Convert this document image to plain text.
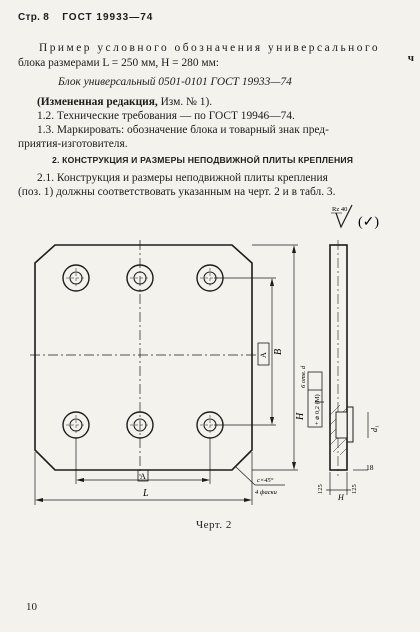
Стр. 8 ГОСТ 19933—74
ч
Пример условного обозначения универсального
блока размерами L = 250 мм, H = 280 мм:
Блок универсальный 0501-0101 ГОСТ 19933—74
(Измененная редакция, Изм. № 1).
1.2. Технические требования — по ГОСТ 19946—74.
1.3. Маркировать: обозначение блока и товарный знак пред-
приятия-изготовителя.
2. КОНСТРУКЦИЯ И РАЗМЕРЫ НЕПОДВИЖНОЙ ПЛИТЫ КРЕПЛЕНИЯ
2.1. Конструкция и размеры неподвижной плиты крепления
(поз. 1) должны соответствовать указанным на черт. 2 и в табл. 3.
B
H
A
L
A
c×45°
4 фаски
6 отв. d
+ ⌀ 0,2 (M)
d₁
18
H
125	125
Rz 40
(✓)
Черт. 2
10
